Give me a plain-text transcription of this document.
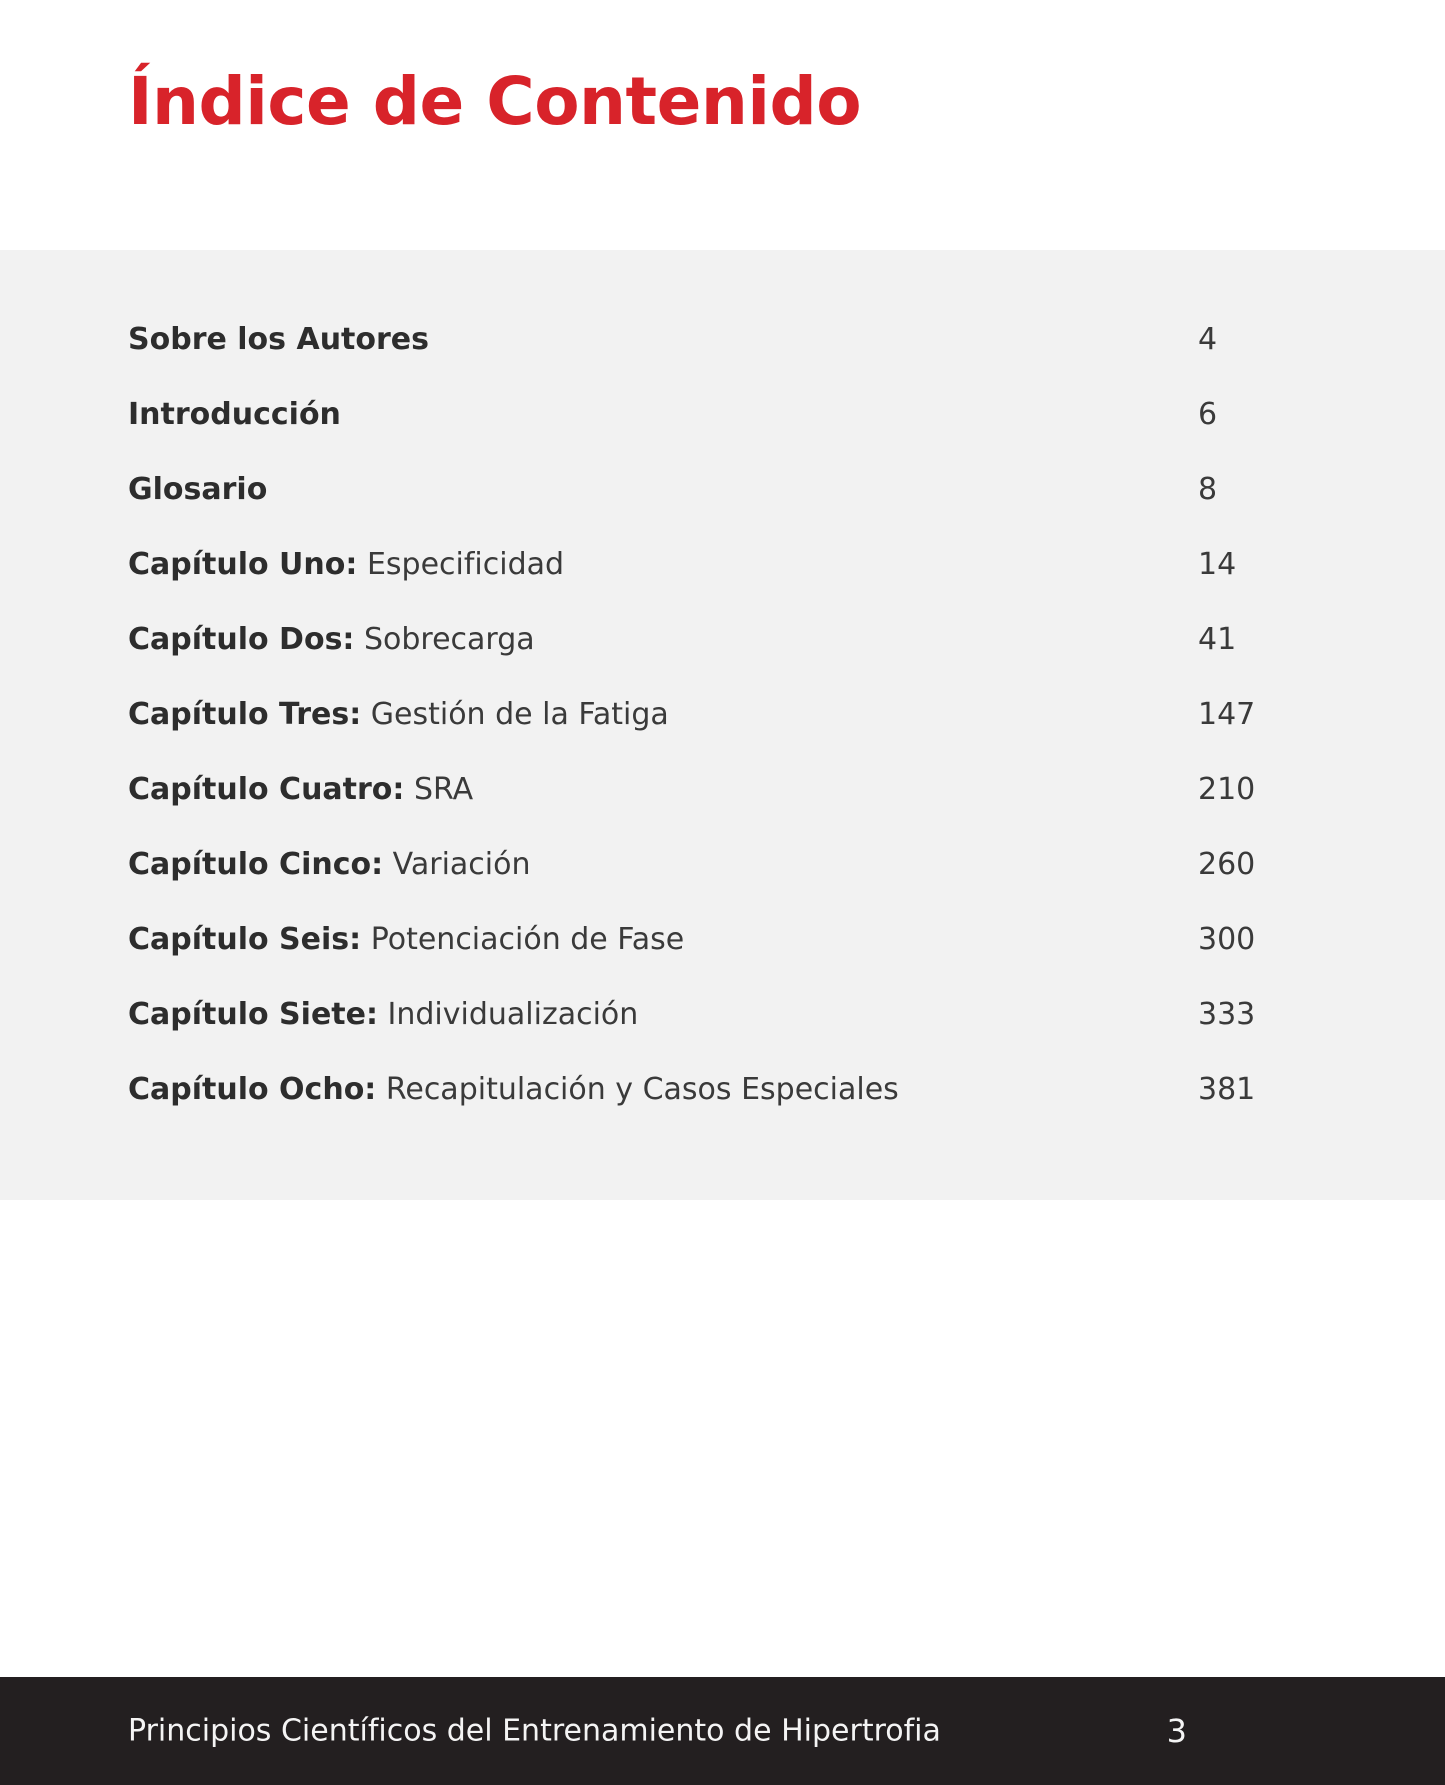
Índice de Contenido
Sobre los Autores	4
Introducción	6
Glosario	8
Capítulo Uno: Especificidad	14
Capítulo Dos: Sobrecarga	41
Capítulo Tres: Gestión de la Fatiga	147
Capítulo Cuatro: SRA	210
Capítulo Cinco: Variación	260
Capítulo Seis: Potenciación de Fase	300
Capítulo Siete: Individualización	333
Capítulo Ocho: Recapitulación y Casos Especiales	381
Principios Científicos del Entrenamiento de Hipertrofia	3
